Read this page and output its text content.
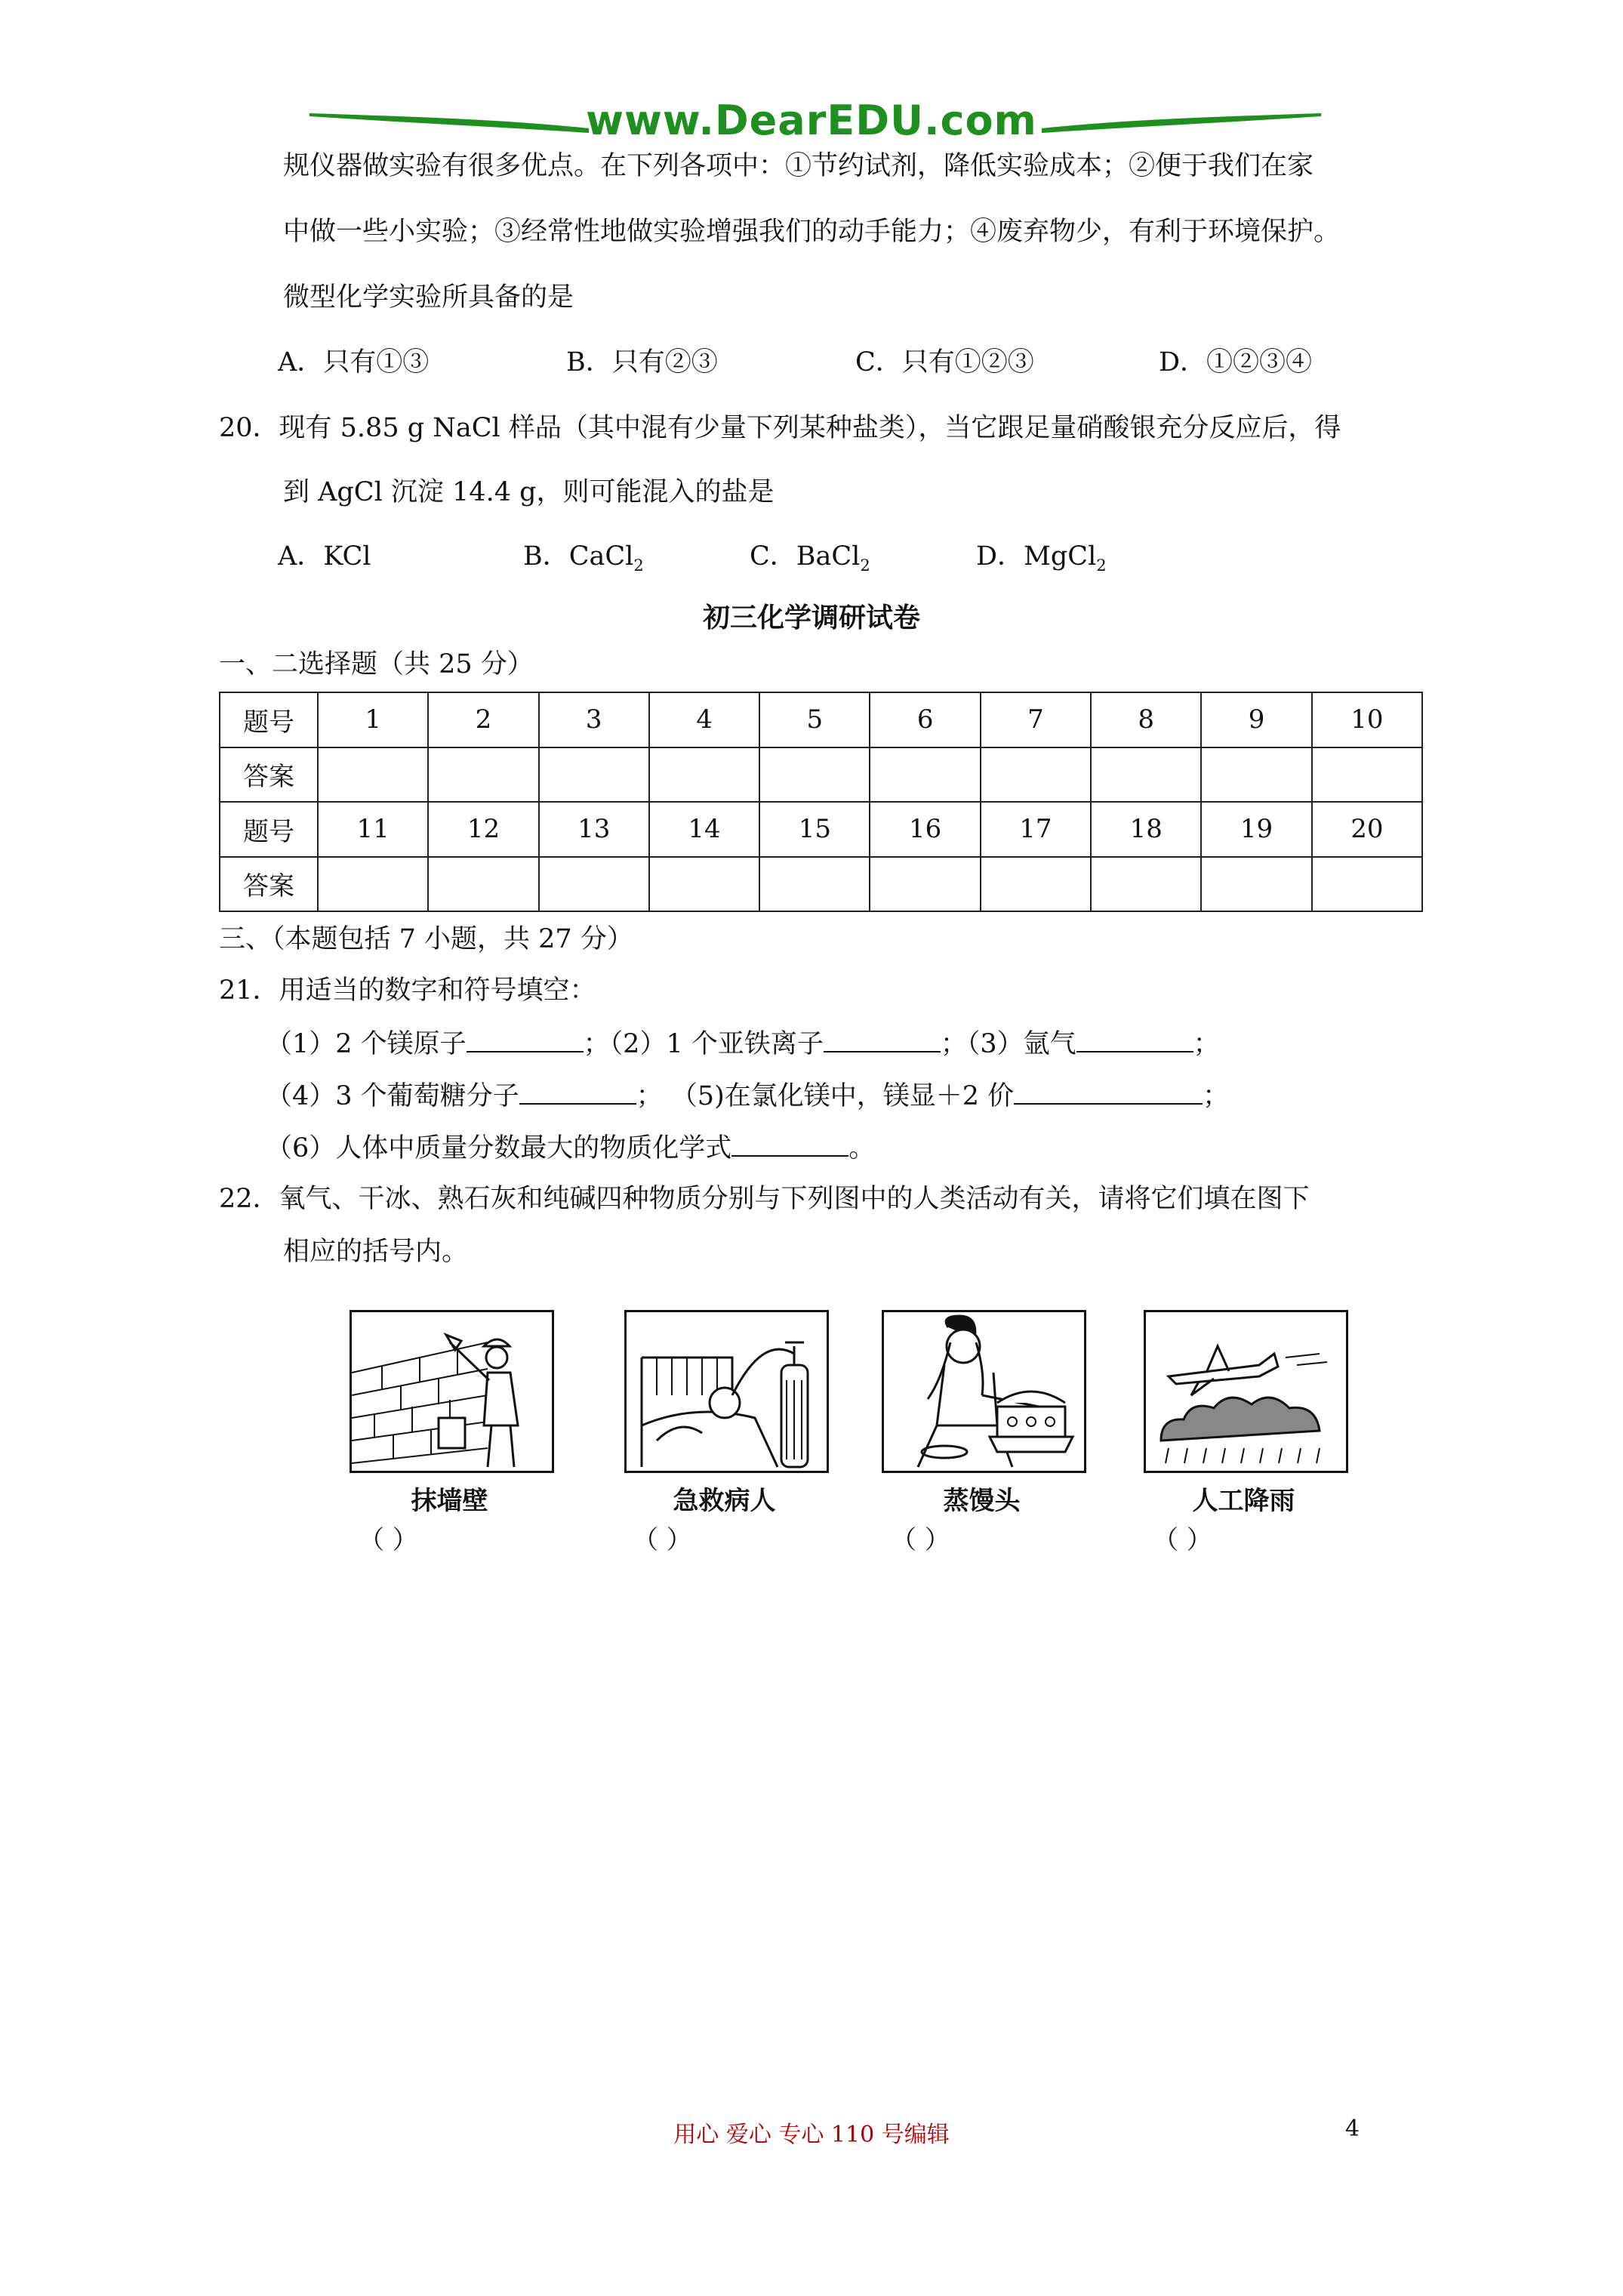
www.DearEDU.com
规仪器做实验有很多优点。在下列各项中：①节约试剂，降低实验成本；②便于我们在家
中做一些小实验；③经常性地做实验增强我们的动手能力；④废弃物少，有利于环境保护。
微型化学实验所具备的是
A．只有①③	B．只有②③	C．只有①②③	D．①②③④
20．现有 5.85 g NaCl 样品（其中混有少量下列某种盐类），当它跟足量硝酸银充分反应后，得
到 AgCl 沉淀 14.4 g，则可能混入的盐是
A．KCl	B．CaCl$_2$	C．BaCl$_2$	D．MgCl$_2$
初三化学调研试卷
一、二选择题（共 25 分）
题号	1	2	3	4	5	6	7	8	9	10
答案										
题号	11	12	13	14	15	16	17	18	19	20
答案										
三、（本题包括 7 小题，共 27 分）
21．用适当的数字和符号填空：
（1）2 个镁原子	；（2）1 个亚铁离子	；（3）氩气	；
（4）3 个葡萄糖分子	； （5)在氯化镁中，镁显＋2 价	；
（6）人体中质量分数最大的物质化学式	。
22．氧气、干冰、熟石灰和纯碱四种物质分别与下列图中的人类活动有关，请将它们填在图下
相应的括号内。
抹墙壁	急救病人	蒸馒头	人工降雨
（ ）	（ ）	（ ）	（ ）
用心 爱心 专心 110 号编辑	4
